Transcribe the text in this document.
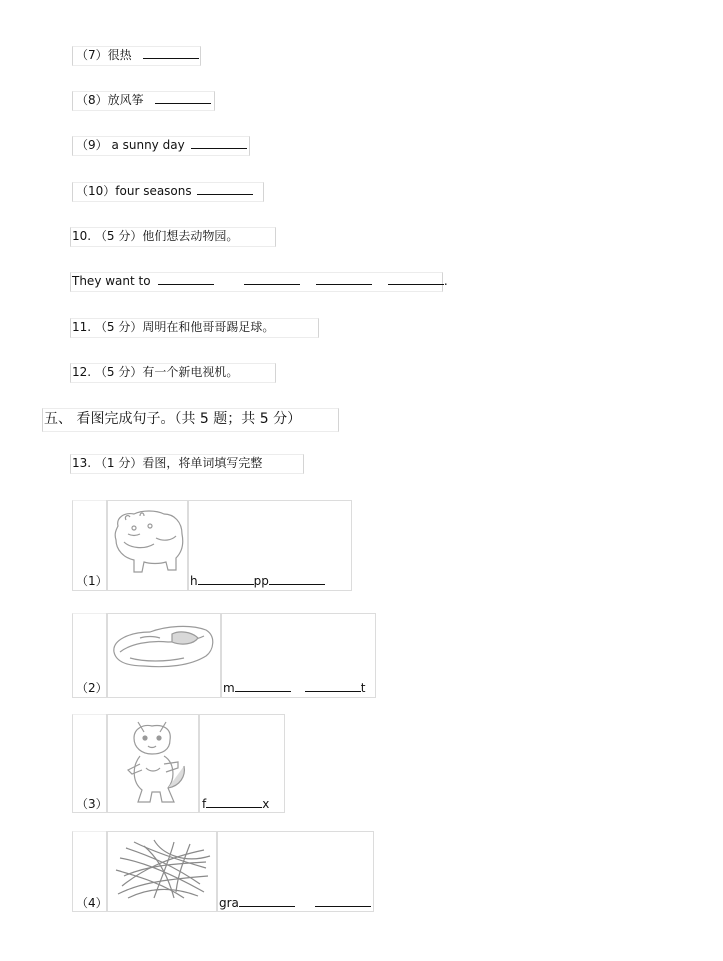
（7）很热
（8）放风筝
（9） a sunny day
（10）four seasons
10. （5 分）他们想去动物园。
They want to	.
11. （5 分）周明在和他哥哥踢足球。
12. （5 分）有一个新电视机。
五、 看图完成句子。（共 5 题；共 5 分）
13. （1 分）看图，将单词填写完整
（1）	h	pp
（2）	m	t
（3）	f	x
（4）	gra
